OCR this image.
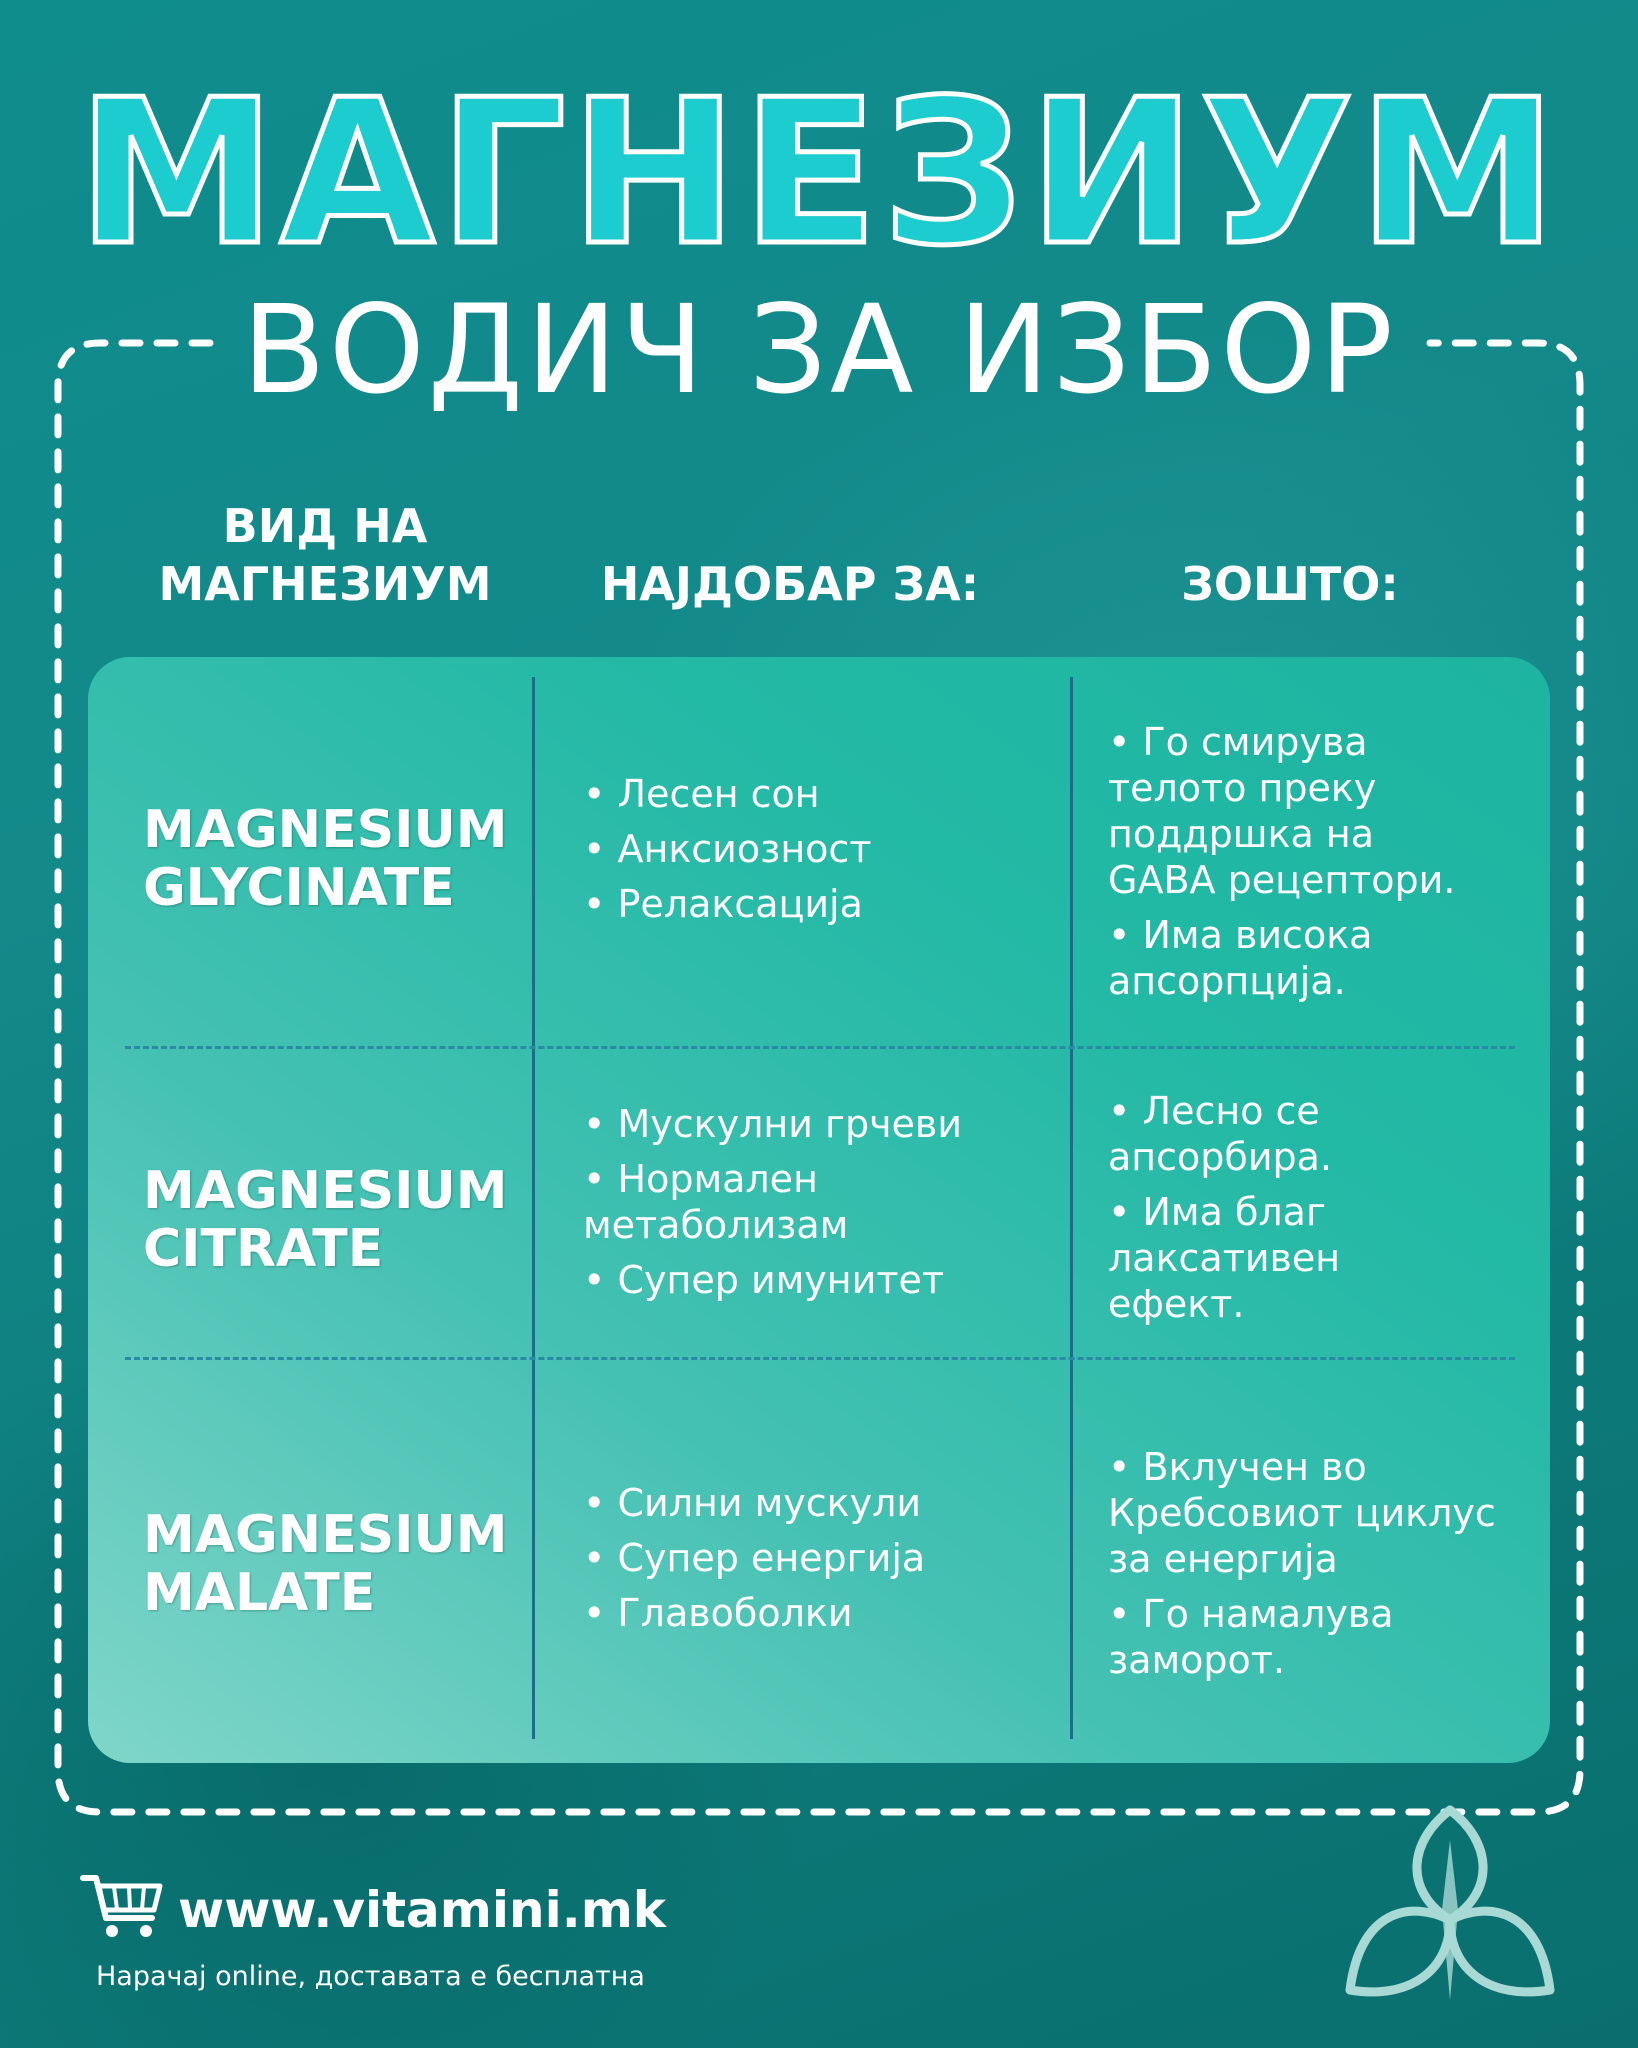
МАГНЕЗИУМ
ВОДИЧ ЗА ИЗБОР
ВИД НА
МАГНЕЗИУМ	НАЈДОБАР ЗА:	ЗОШТО:
MAGNESIUM
GLYCINATE
• Лесен сон
• Анксиозност
• Релаксација
• Го смирува
телото преку
поддршка на
GABA рецептори.
• Има висока
апсорпција.
MAGNESIUM
CITRATE
• Мускулни грчеви
• Нормален
метаболизам
• Супер имунитет
• Лесно се
апсорбира.
• Има благ
лаксативен
ефект.
MAGNESIUM
MALATE
• Силни мускули
• Супер енергија
• Главоболки
• Вклучен во
Кребсовиот циклус
за енергија
• Го намалува
заморот.
www.vitamini.mk
Нарачај online, доставата е бесплатна
